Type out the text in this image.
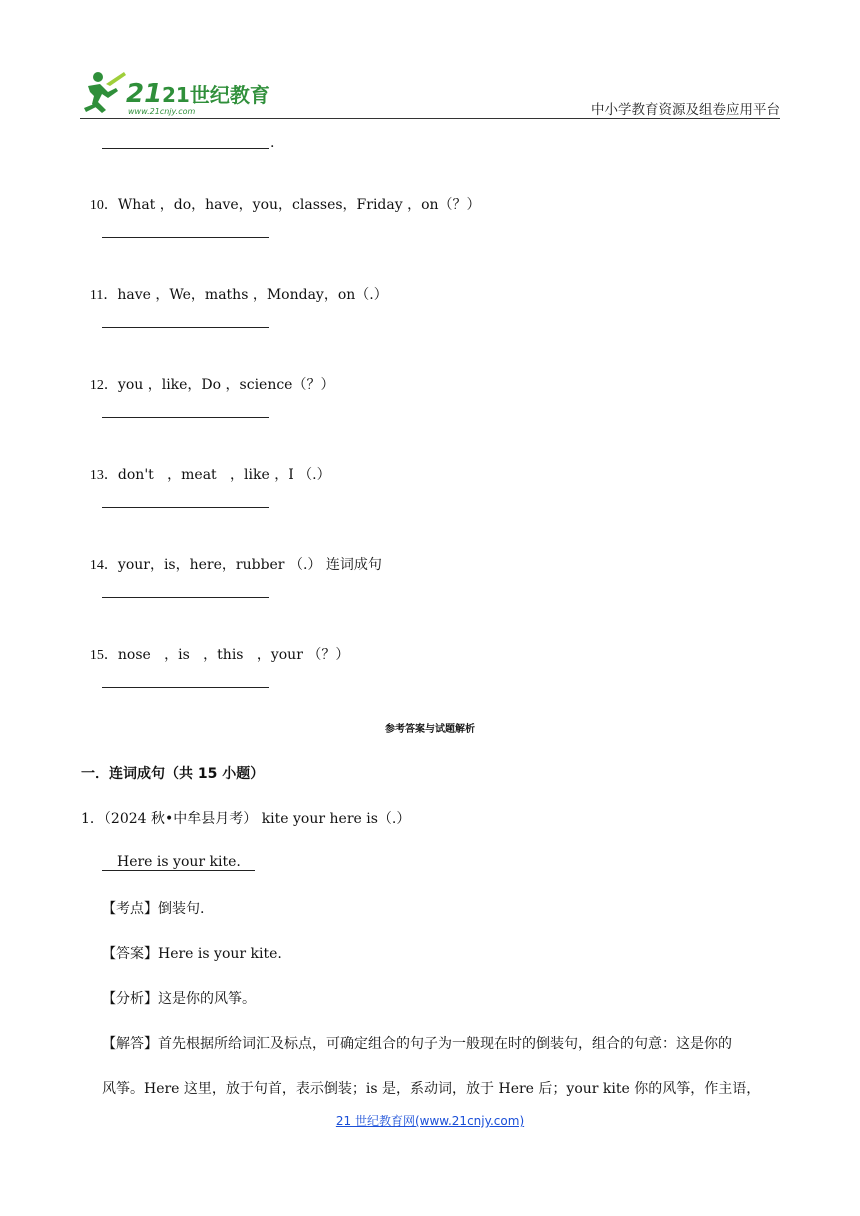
21 21世纪教育
www.21cnjy.com	中小学教育资源及组卷应用平台
.

10．What ，do，have，you，classes，Friday ，on（？）

11．have ，We，maths ，Monday，on（.）

12．you ，like，Do ，science（？）

13．don't   ，meat   ，like ，I （.）

14．your，is，here，rubber （.） 连词成句

15．nose   ，is   ，this   ，your （？）

参考答案与试题解析
一．连词成句（共 15 小题）
1．（2024 秋•中牟县月考） kite your here is（.）
Here is your kite.
【考点】倒装句.
【答案】Here is your kite.
【分析】这是你的风筝。
【解答】首先根据所给词汇及标点，可确定组合的句子为一般现在时的倒装句，组合的句意：这是你的
风筝。Here 这里，放于句首，表示倒装；is 是，系动词，放于 Here 后；your kite 你的风筝，作主语，
21 世纪教育网(www.21cnjy.com)
